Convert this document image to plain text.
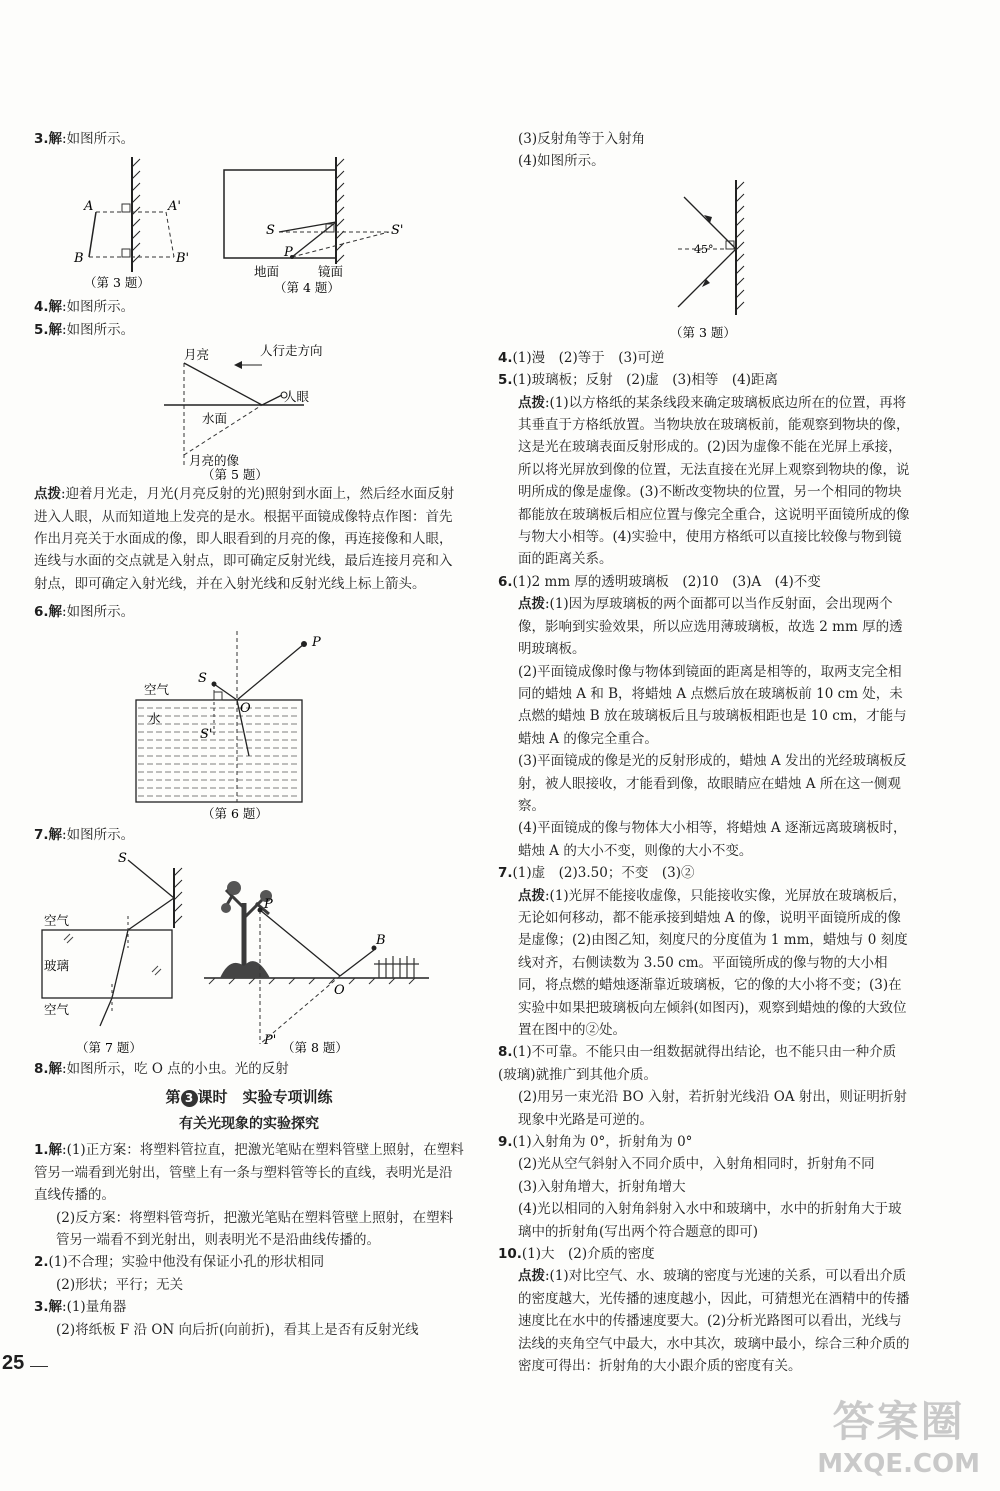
3.解:如图所示。

A	A'
B	B'
（第 3 题）
S	S'
P
地面	镜面
（第 4 题）

4.解:如图所示。

5.解:如图所示。

月亮	人行走方向
人眼
水面
月亮的像
（第 5 题）

点拨:迎着月光走，月光(月亮反射的光)照射到水面上，然后经水面反射进入人眼，从而知道地上发亮的是水。根据平面镜成像特点作图：首先作出月亮关于水面成的像，即人眼看到的月亮的像，再连接像和人眼，连线与水面的交点就是入射点，即可确定反射光线，最后连接月亮和入射点，即可确定入射光线，并在入射光线和反射光线上标上箭头。

6.解:如图所示。

空气
水
S
S'
O
P
（第 6 题）

7.解:如图所示。

S
空气
玻璃
空气
（第 7 题）
P
P'
B
O
（第 8 题）

8.解:如图所示，吃 O 点的小虫。光的反射

第 3 课时　实验专项训练
有关光现象的实验探究

1.解:(1)正方案：将塑料管拉直，把激光笔贴在塑料管壁上照射，在塑料管另一端看到光射出，管壁上有一条与塑料管等长的直线，表明光是沿直线传播的。

(2)反方案：将塑料管弯折，把激光笔贴在塑料管壁上照射，在塑料管另一端看不到光射出，则表明光不是沿曲线传播的。

2.(1)不合理；实验中他没有保证小孔的形状相同

(2)形状；平行；无关

3.解:(1)量角器

(2)将纸板 F 沿 ON 向后折(向前折)，看其上是否有反射光线

(3)反射角等于入射角

(4)如图所示。

45°
（第 3 题）

4.(1)漫　(2)等于　(3)可逆

5.(1)玻璃板；反射　(2)虚　(3)相等　(4)距离

点拨:(1)以方格纸的某条线段来确定玻璃板底边所在的位置，再将其垂直于方格纸放置。当物块放在玻璃板前，能观察到物块的像，这是光在玻璃表面反射形成的。(2)因为虚像不能在光屏上承接，所以将光屏放到像的位置，无法直接在光屏上观察到物块的像，说明所成的像是虚像。(3)不断改变物块的位置，另一个相同的物块都能放在玻璃板后相应位置与像完全重合，这说明平面镜所成的像与物大小相等。(4)实验中，使用方格纸可以直接比较像与物到镜面的距离关系。

6.(1)2 mm 厚的透明玻璃板　(2)10　(3)A　(4)不变

点拨:(1)因为厚玻璃板的两个面都可以当作反射面，会出现两个像，影响到实验效果，所以应选用薄玻璃板，故选 2 mm 厚的透明玻璃板。

(2)平面镜成像时像与物体到镜面的距离是相等的，取两支完全相同的蜡烛 A 和 B，将蜡烛 A 点燃后放在玻璃板前 10 cm 处，未点燃的蜡烛 B 放在玻璃板后且与玻璃板相距也是 10 cm，才能与蜡烛 A 的像完全重合。

(3)平面镜成的像是光的反射形成的，蜡烛 A 发出的光经玻璃板反射，被人眼接收，才能看到像，故眼睛应在蜡烛 A 所在这一侧观察。

(4)平面镜成的像与物体大小相等，将蜡烛 A 逐渐远离玻璃板时，蜡烛 A 的大小不变，则像的大小不变。

7.(1)虚　(2)3.50；不变　(3)②

点拨:(1)光屏不能接收虚像，只能接收实像，光屏放在玻璃板后，无论如何移动，都不能承接到蜡烛 A 的像，说明平面镜所成的像是虚像；(2)由图乙知，刻度尺的分度值为 1 mm，蜡烛与 0 刻度线对齐，右侧读数为 3.50 cm。平面镜所成的像与物的大小相同，将点燃的蜡烛逐渐靠近玻璃板，它的像的大小将不变；(3)在实验中如果把玻璃板向左倾斜(如图丙)，观察到蜡烛的像的大致位置在图中的②处。

8.(1)不可靠。不能只由一组数据就得出结论，也不能只由一种介质(玻璃)就推广到其他介质。

(2)用另一束光沿 BO 入射，若折射光线沿 OA 射出，则证明折射现象中光路是可逆的。

9.(1)入射角为 0°，折射角为 0°

(2)光从空气斜射入不同介质中，入射角相同时，折射角不同

(3)入射角增大，折射角增大

(4)光以相同的入射角斜射入水中和玻璃中，水中的折射角大于玻璃中的折射角(写出两个符合题意的即可)

10.(1)大　(2)介质的密度

点拨:(1)对比空气、水、玻璃的密度与光速的关系，可以看出介质的密度越大，光传播的速度越小，因此，可猜想光在酒精中的传播速度比在水中的传播速度要大。(2)分析光路图可以看出，光线与法线的夹角空气中最大，水中其次，玻璃中最小，综合三种介质的密度可得出：折射角的大小跟介质的密度有关。

25
答案圈
MXQE.COM
